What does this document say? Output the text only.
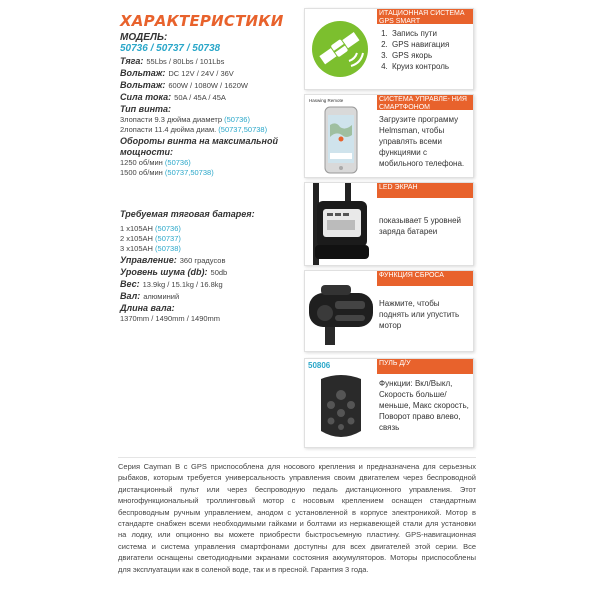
ХАРАКТЕРИСТИКИ
МОДЕЛЬ:
50736 / 50737 / 50738
Тяга: 55Lbs / 80Lbs / 101Lbs
Вольтаж: DC 12V / 24V / 36V
Вольтаж: 600W / 1080W / 1620W
Сила тока: 50A / 45A / 45A
Тип винта:
3лопасти 9.3 дюйма диаметр (50736)
2лопасти 11.4 дюйма диам. (50737,50738)
Обороты винта на максимальной мощности:
1250 об/мин (50736)
1500 об/мин (50737,50738)
Требуемая тяговая батарея:
1 x105AH (50736)
2 x105AH (50737)
3 x105AH (50738)
Управление: 360 градусов
Уровень шума (db): 50db
Вес: 13.9kg / 15.1kg / 16.8kg
Вал: алюминий
Длина вала:
1370mm / 1490mm / 1490mm
ИТАЦИОННАЯ СИСТЕМА GPS SMART
1. Запись пути
2. GPS навигация
3. GPS якорь
4. Круиз контроль
Haswing Remote	СИСТЕМА УПРАВЛЕ- НИЯ СМАРТФОНОМ
Загрузите программу Helmsman, чтобы управлять всеми функциями с мобильного телефона.
LED ЭКРАН
показывает 5 уровней заряда батареи
ФУНКЦИЯ СБРОСА
Нажмите, чтобы поднять или упустить мотор
50806	ПУЛЬ Д/У
Функции: Вкл/Выкл, Скорость больше/ меньше, Макс скорость, Поворот право влево, связь
Серия Cayman B с GPS приспособлена для носового крепления и предназначена для серьезных рыбаков, которым требуется универсальность управления своим двигателем через беспроводной дистанционный пульт или через беспроводную педаль дистанционного управления. Этот многофункциональный троллинговый мотор с носовым креплением оснащен стандартным беспроводным ручным управлением, анодом с установленной в корпусе электроникой. Мотор в стандарте снабжен всеми необходимыми гайками и болтами из нержавеющей стали для установки на лодку, или опционно вы можете приобрести быстросъемную пластину. GPS-навигационная система и система управления смартфонами доступны для всех двигателей этой серии. Все двигатели оснащены светодиодными экранами состояния аккумуляторов. Моторы приспособлены для эксплуатации как в соленой воде, так и в пресной. Гарантия 3 года.
